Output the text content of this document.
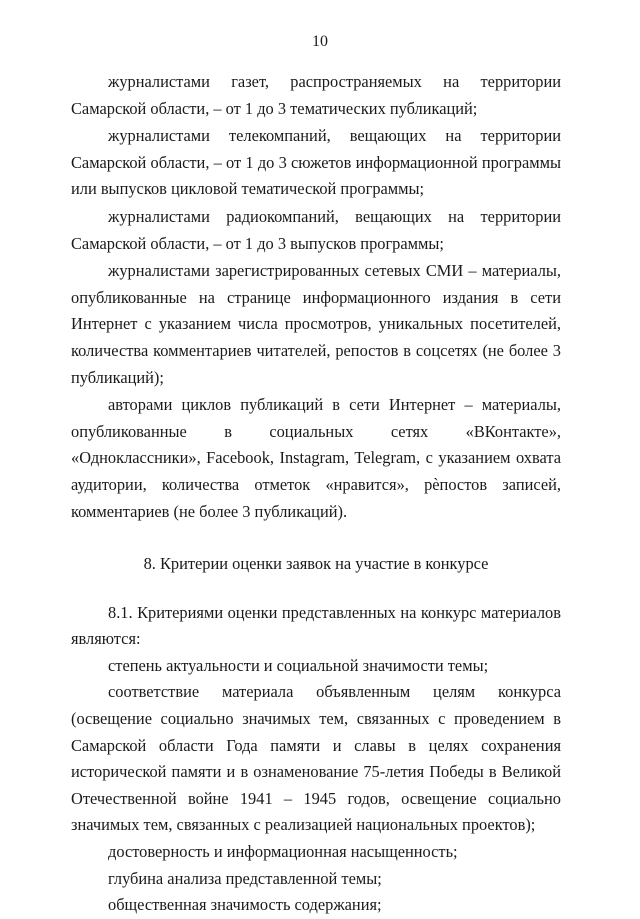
10

журналистами газет, распространяемых на территории Самарской области, – от 1 до 3 тематических публикаций;

журналистами телекомпаний, вещающих на территории Самарской области, – от 1 до 3 сюжетов информационной программы или выпусков цикловой тематической программы;

журналистами радиокомпаний, вещающих на территории Самарской области, – от 1 до 3 выпусков программы;

журналистами зарегистрированных сетевых СМИ – материалы, опубликованные на странице информационного издания в сети Интернет с указанием числа просмотров, уникальных посетителей, количества комментариев читателей, репостов в соцсетях (не более 3 публикаций);

авторами циклов публикаций в сети Интернет – материалы, опубликованные в социальных сетях «ВКонтакте», «Одноклассники», Facebook, Instagram, Telegram, с указанием охвата аудитории, количества отметок «нравится», рèпостов записей, комментариев (не более 3 публикаций).

8. Критерии оценки заявок на участие в конкурсе

8.1. Критериями оценки представленных на конкурс материалов являются:

степень актуальности и социальной значимости темы;

соответствие материала объявленным целям конкурса (освещение социально значимых тем, связанных с проведением в Самарской области Года памяти и славы в целях сохранения исторической памяти и в ознаменование 75-летия Победы в Великой Отечественной войне 1941 – 1945 годов, освещение социально значимых тем, связанных с реализацией национальных проектов);

достоверность и информационная насыщенность;

глубина анализа представленной темы;

общественная значимость содержания;
